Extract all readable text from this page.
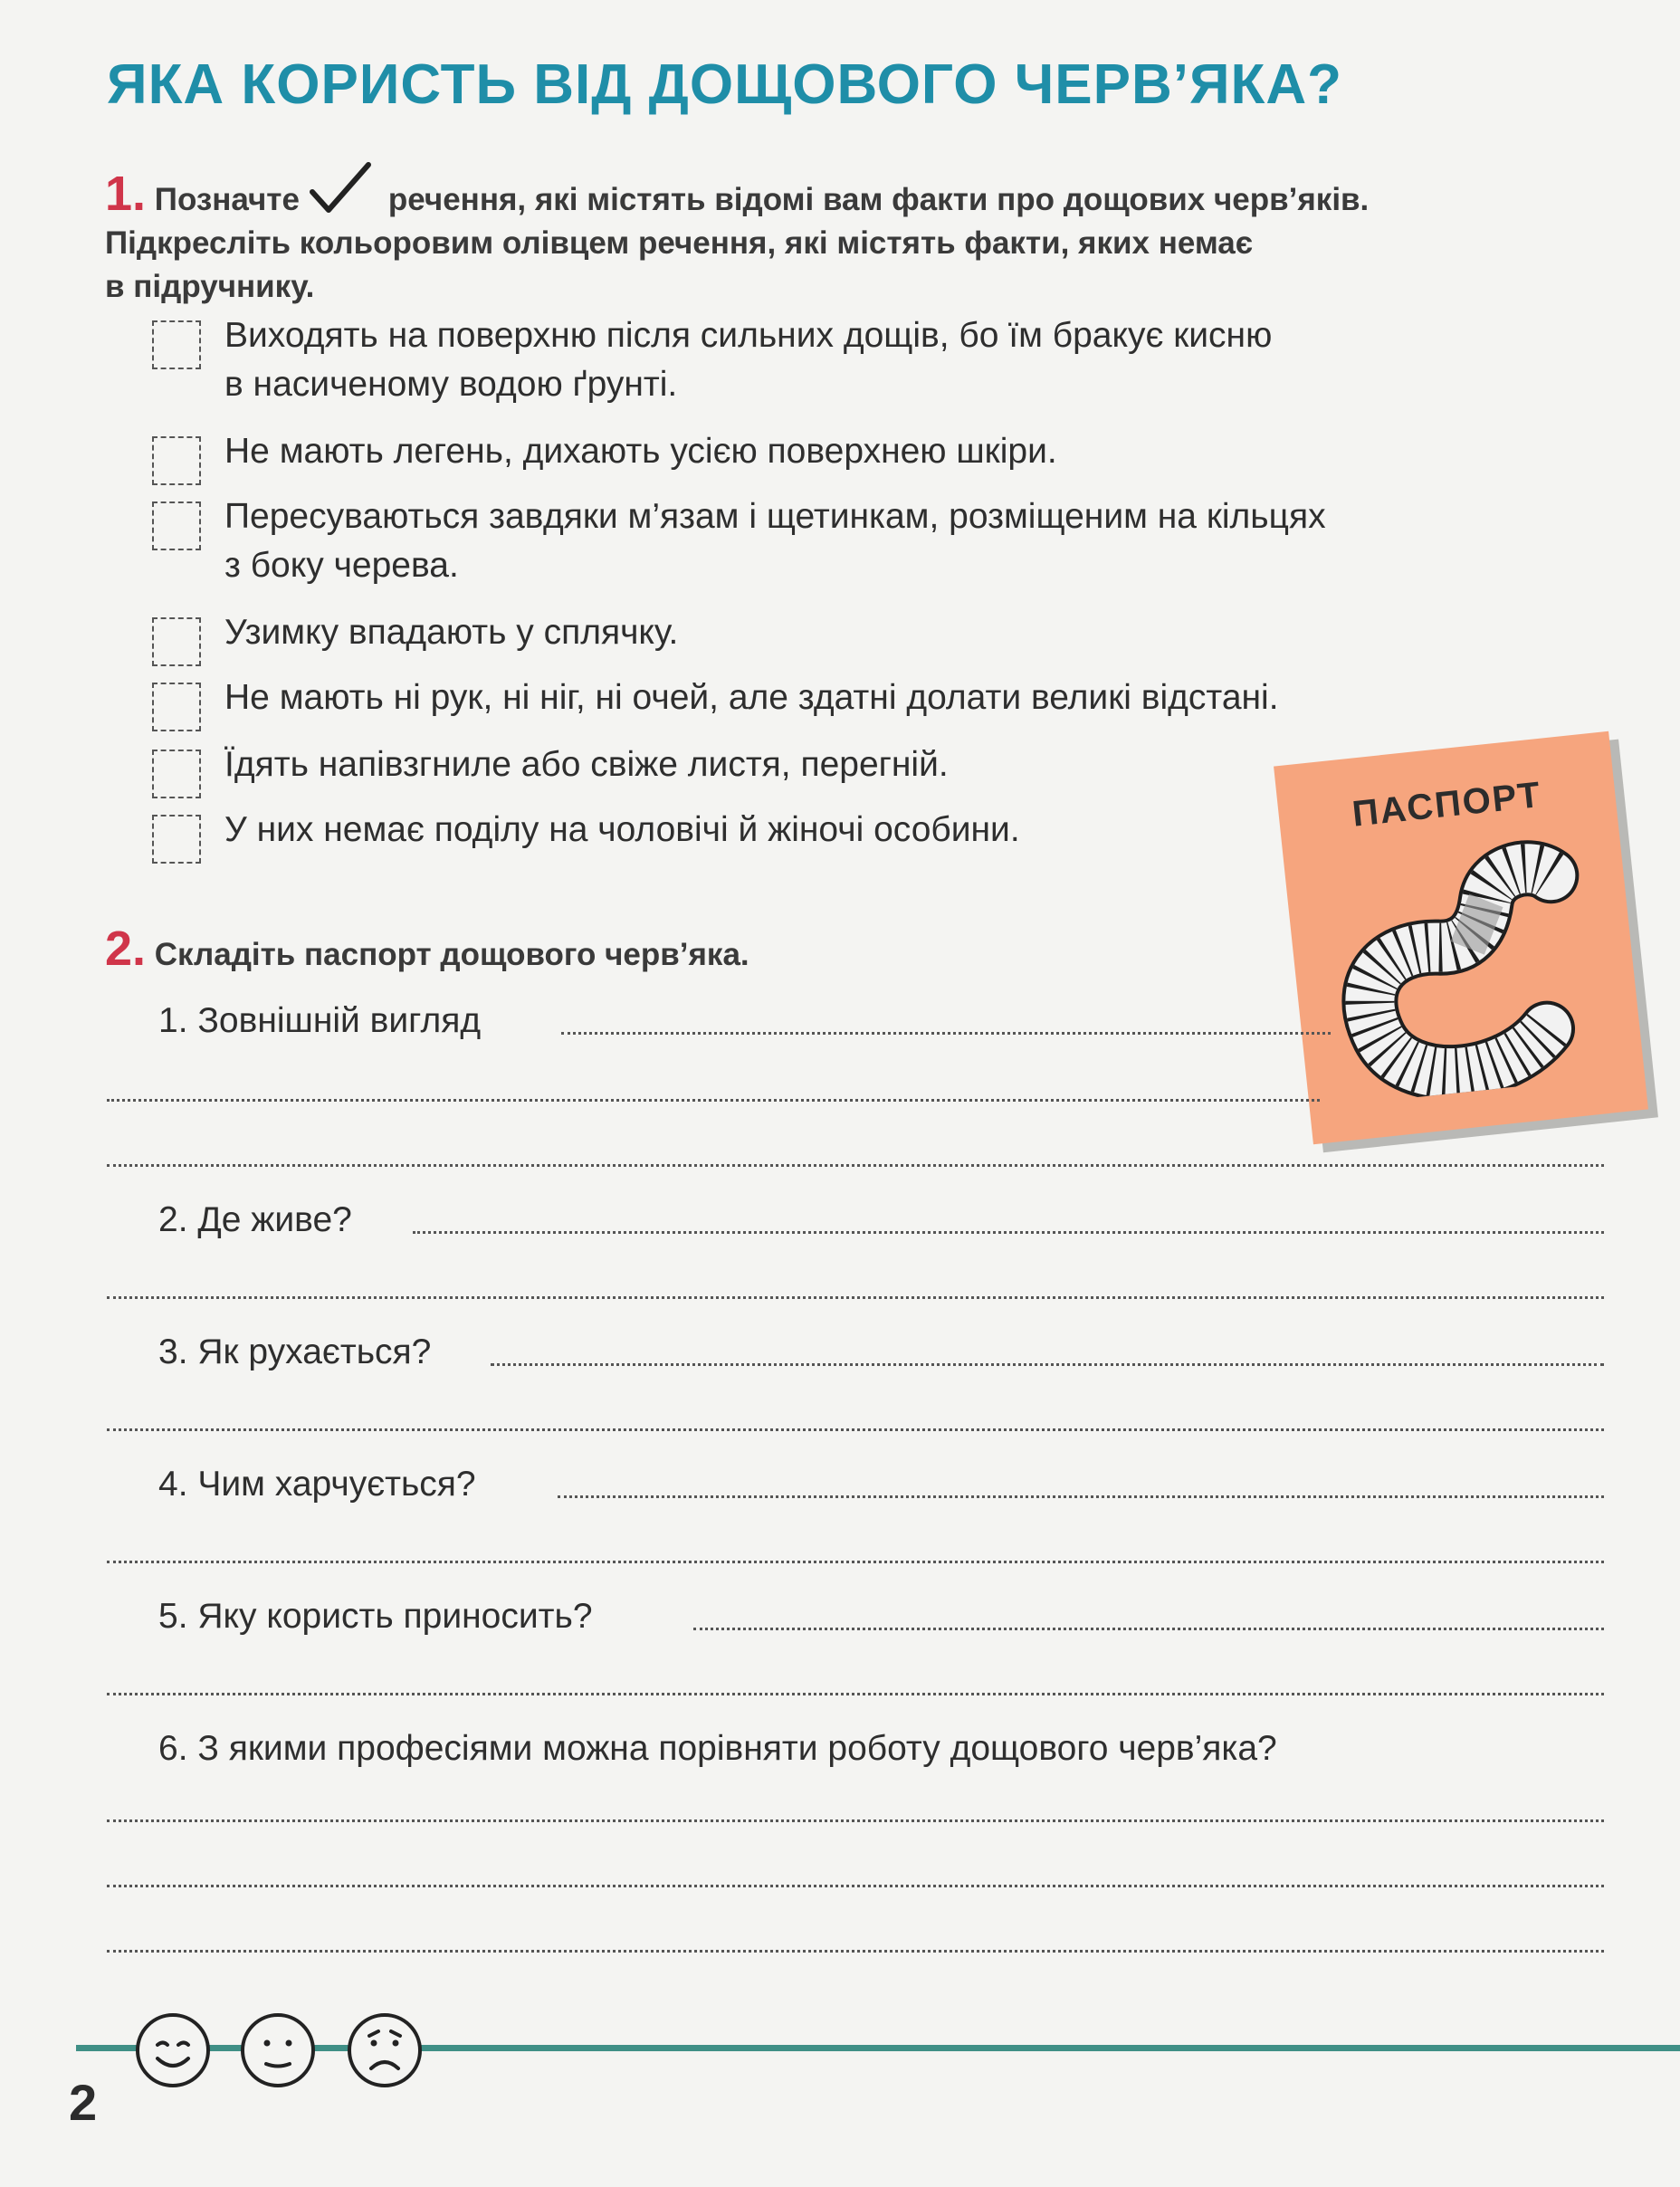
ЯКА КОРИСТЬ ВІД ДОЩОВОГО ЧЕРВ’ЯКА?
1. Позначте	речення, які містять відомі вам факти про дощових черв’яків.
Підкресліть кольоровим олівцем речення, які містять факти, яких немає
в підручнику.
Виходять на поверхню після сильних дощів, бо їм бракує кисню
в насиченому водою ґрунті.
Не мають легень, дихають усією поверхнею шкіри.
Пересуваються завдяки м’язам і щетинкам, розміщеним на кільцях
з боку черева.
Узимку впадають у сплячку.
Не мають ні рук, ні ніг, ні очей, але здатні долати великі відстані.
Їдять напівзгниле або свіже листя, перегній.
У них немає поділу на чоловічі й жіночі особини.	ПАСПОРТ
2. Складіть паспорт дощового черв’яка.
1. Зовнішній вигляд
2. Де живе?
3. Як рухається?
4. Чим харчується?
5. Яку користь приносить?
6. З якими професіями можна порівняти роботу дощового черв’яка?
2
